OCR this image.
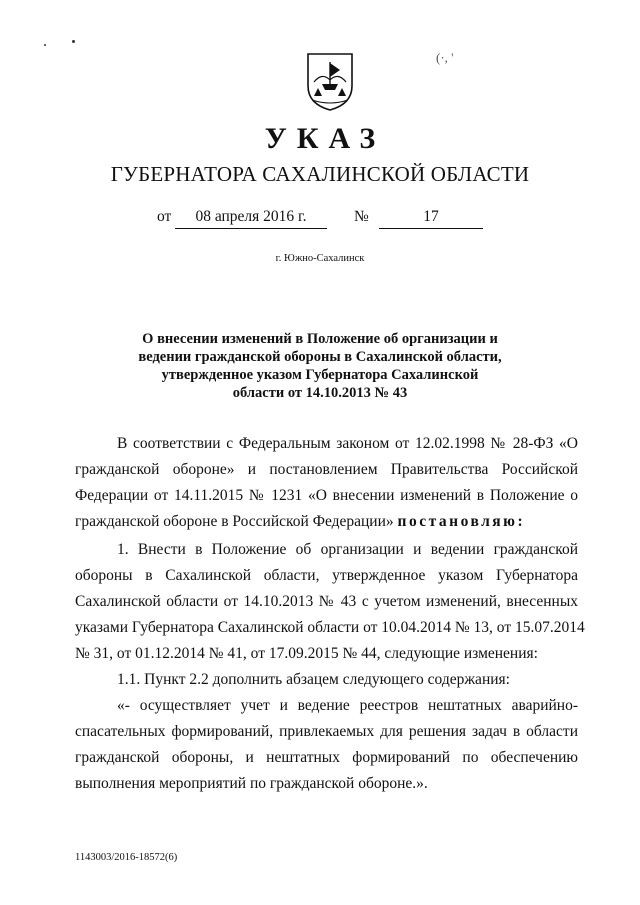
(·, '
УКАЗ
ГУБЕРНАТОРА САХАЛИНСКОЙ ОБЛАСТИ
от	08 апреля 2016 г.	№	17
г. Южно-Сахалинск
О внесении изменений в Положение об организации и
ведении гражданской обороны в Сахалинской области,
утвержденное указом Губернатора Сахалинской
области от 14.10.2013 № 43
В соответствии с Федеральным законом от 12.02.1998 № 28-ФЗ «О
гражданской обороне» и постановлением Правительства Российской
Федерации от 14.11.2015 № 1231 «О внесении изменений в Положение о
гражданской обороне в Российской Федерации» постановляю:
1. Внести в Положение об организации и ведении гражданской
обороны в Сахалинской области, утвержденное указом Губернатора
Сахалинской области от 14.10.2013 № 43 с учетом изменений, внесенных
указами Губернатора Сахалинской области от 10.04.2014 № 13, от 15.07.2014
№ 31, от 01.12.2014 № 41, от 17.09.2015 № 44, следующие изменения:
1.1. Пункт 2.2 дополнить абзацем следующего содержания:
«- осуществляет учет и ведение реестров нештатных аварийно-
спасательных формирований, привлекаемых для решения задач в области
гражданской обороны, и нештатных формирований по обеспечению
выполнения мероприятий по гражданской обороне.».
1143003/2016-18572(6)
